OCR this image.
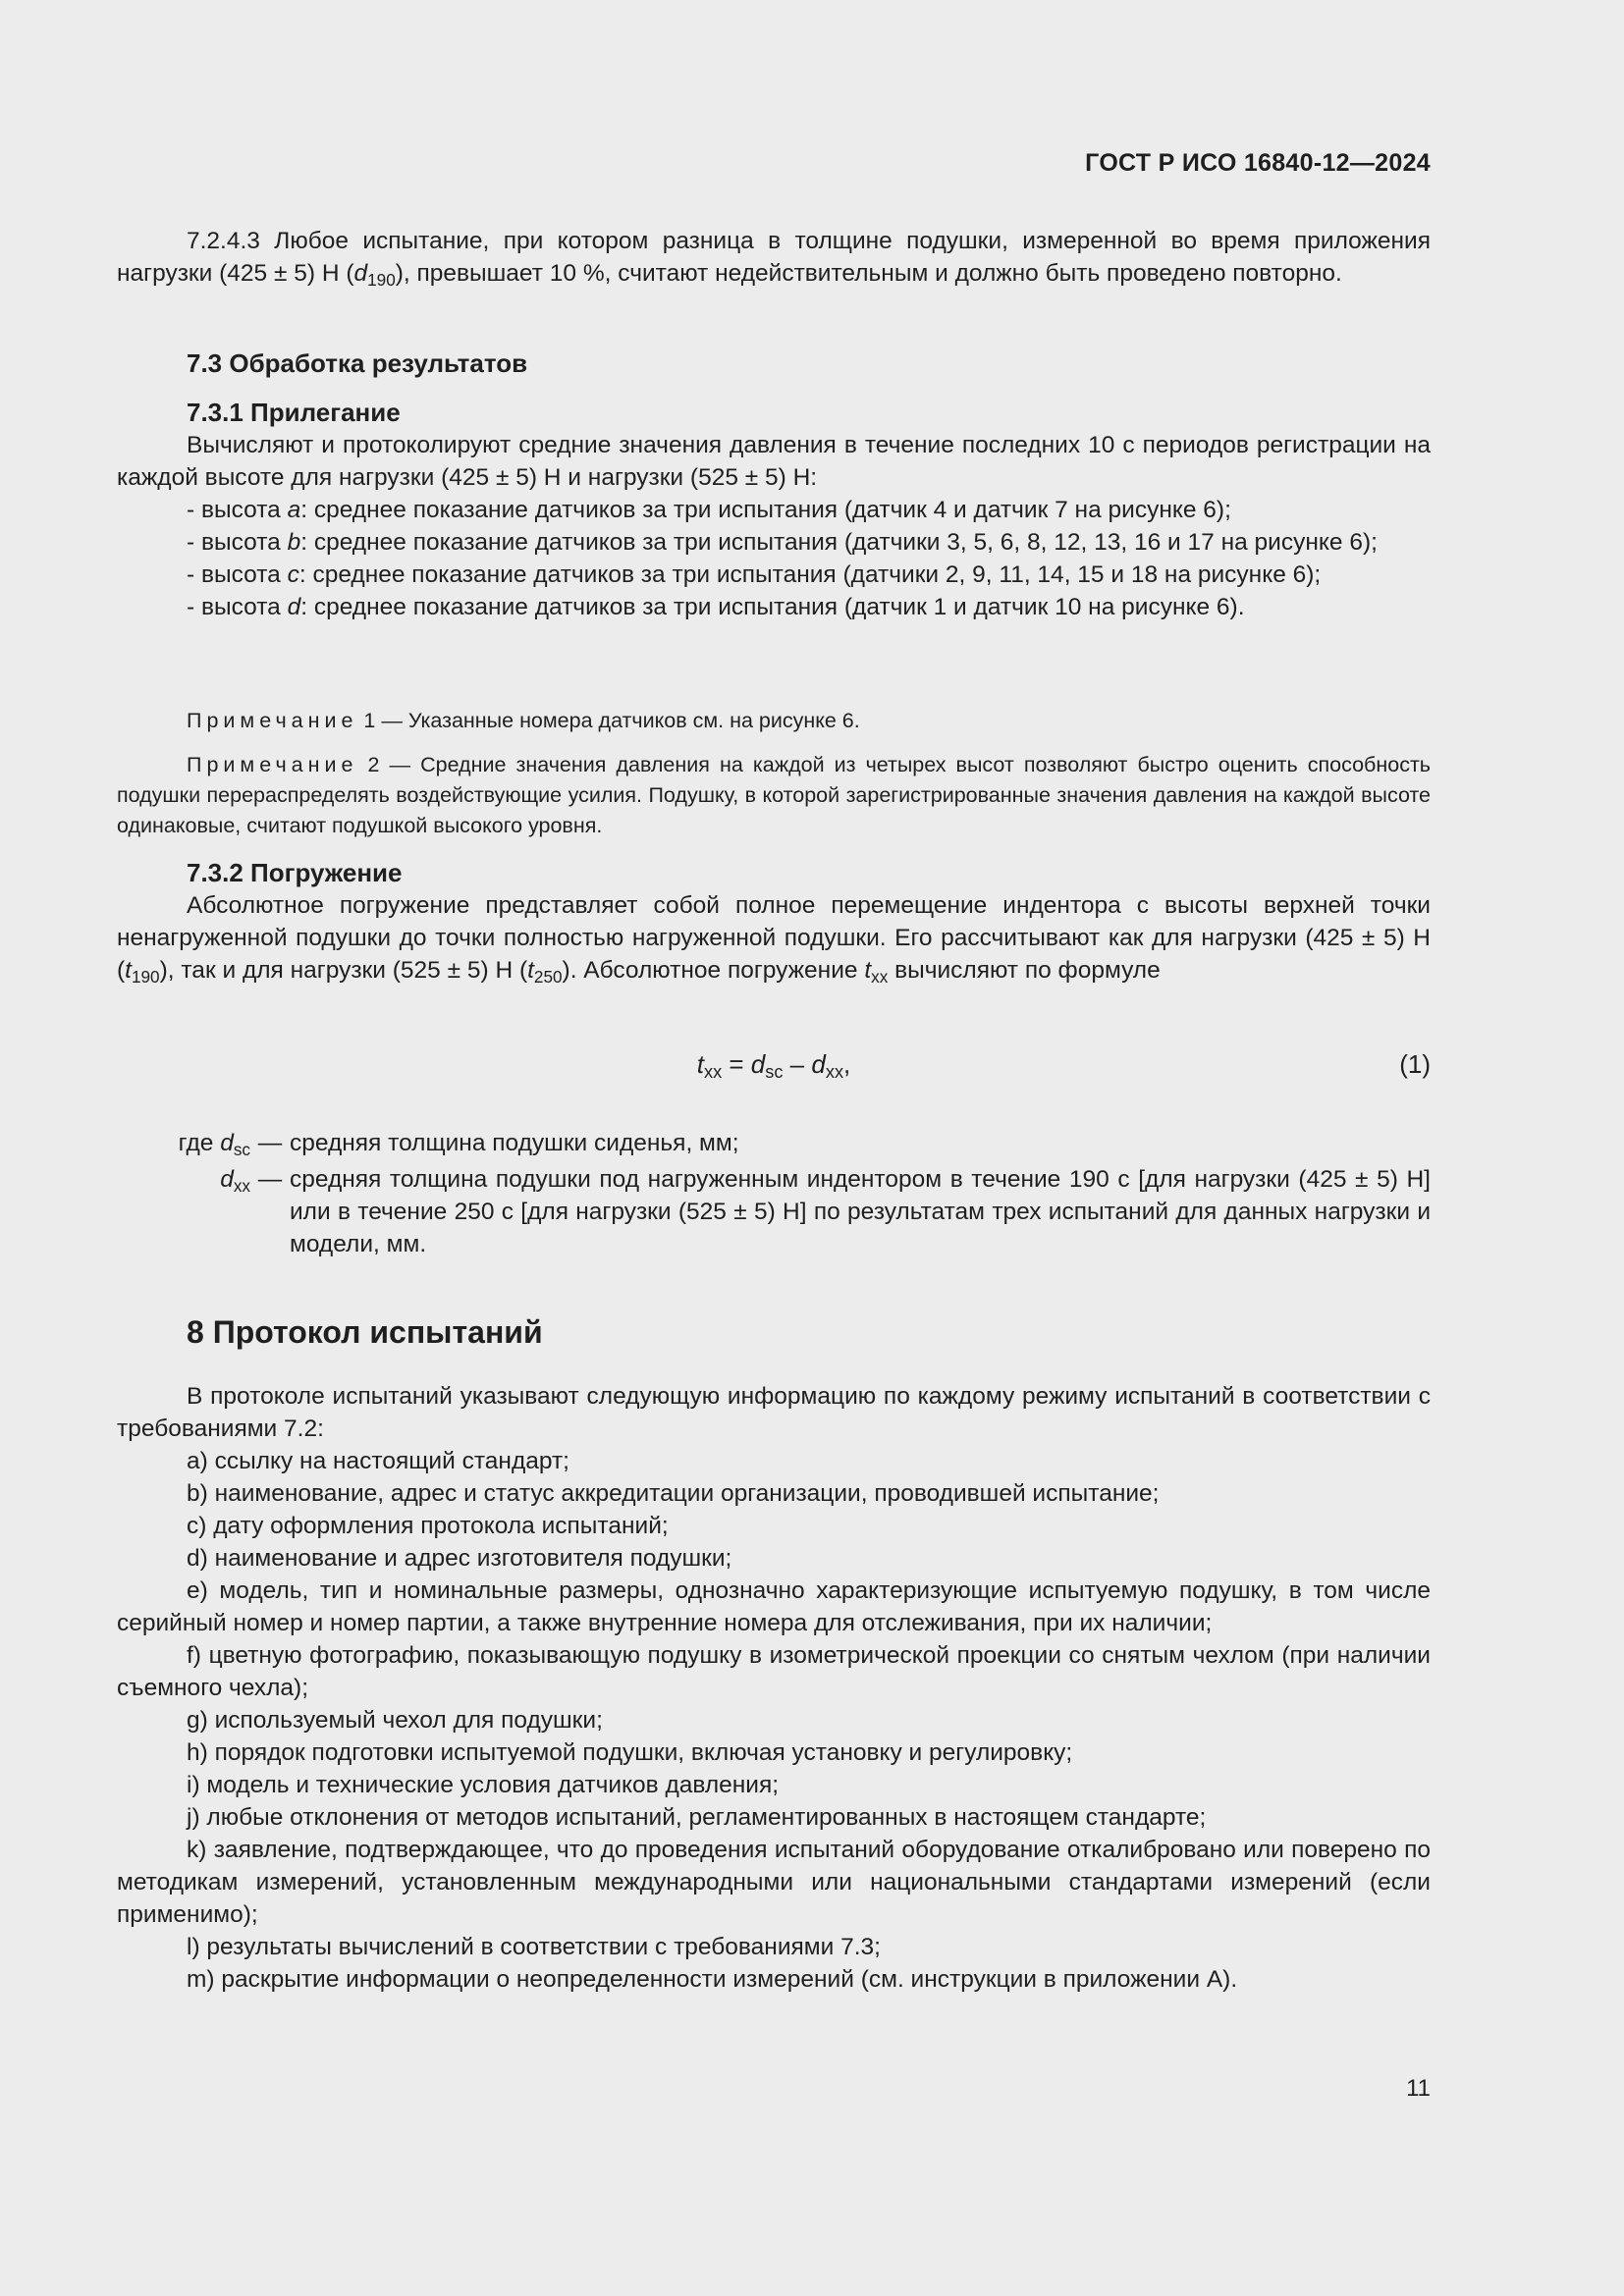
ГОСТ Р ИСО 16840-12—2024
7.2.4.3 Любое испытание, при котором разница в толщине подушки, измеренной во время приложения нагрузки (425 ± 5) Н $(d_{190})$, превышает 10 %, считают недействительным и должно быть проведено повторно.
7.3 Обработка результатов
7.3.1 Прилегание
Вычисляют и протоколируют средние значения давления в течение последних 10 с периодов регистрации на каждой высоте для нагрузки (425 ± 5) Н и нагрузки (525 ± 5) Н:
- высота a: среднее показание датчиков за три испытания (датчик 4 и датчик 7 на рисунке 6);
- высота b: среднее показание датчиков за три испытания (датчики 3, 5, 6, 8, 12, 13, 16 и 17 на рисунке 6);
- высота c: среднее показание датчиков за три испытания (датчики 2, 9, 11, 14, 15 и 18 на рисунке 6);
- высота d: среднее показание датчиков за три испытания (датчик 1 и датчик 10 на рисунке 6).
Примечание 1 — Указанные номера датчиков см. на рисунке 6.
Примечание 2 — Средние значения давления на каждой из четырех высот позволяют быстро оценить способность подушки перераспределять воздействующие усилия. Подушку, в которой зарегистрированные значения давления на каждой высоте одинаковые, считают подушкой высокого уровня.
7.3.2 Погружение
Абсолютное погружение представляет собой полное перемещение индентора с высоты верхней точки ненагруженной подушки до точки полностью нагруженной подушки. Его рассчитывают как для нагрузки (425 ± 5) Н $(t_{190})$, так и для нагрузки (525 ± 5) Н $(t_{250})$. Абсолютное погружение $t_{xx}$ вычисляют по формуле
$t_{xx} = d_{sc} - d_{xx}$,	(1)
где $d_{sc}$ — средняя толщина подушки сиденья, мм;
$d_{xx}$ — средняя толщина подушки под нагруженным индентором в течение 190 с [для нагрузки (425 ± 5) Н] или в течение 250 с [для нагрузки (525 ± 5) Н] по результатам трех испытаний для данных нагрузки и модели, мм.
8 Протокол испытаний
В протоколе испытаний указывают следующую информацию по каждому режиму испытаний в соответствии с требованиями 7.2:
a) ссылку на настоящий стандарт;
b) наименование, адрес и статус аккредитации организации, проводившей испытание;
c) дату оформления протокола испытаний;
d) наименование и адрес изготовителя подушки;
e) модель, тип и номинальные размеры, однозначно характеризующие испытуемую подушку, в том числе серийный номер и номер партии, а также внутренние номера для отслеживания, при их наличии;
f) цветную фотографию, показывающую подушку в изометрической проекции со снятым чехлом (при наличии съемного чехла);
g) используемый чехол для подушки;
h) порядок подготовки испытуемой подушки, включая установку и регулировку;
i) модель и технические условия датчиков давления;
j) любые отклонения от методов испытаний, регламентированных в настоящем стандарте;
k) заявление, подтверждающее, что до проведения испытаний оборудование откалибровано или поверено по методикам измерений, установленным международными или национальными стандартами измерений (если применимо);
l) результаты вычислений в соответствии с требованиями 7.3;
m) раскрытие информации о неопределенности измерений (см. инструкции в приложении А).
11
